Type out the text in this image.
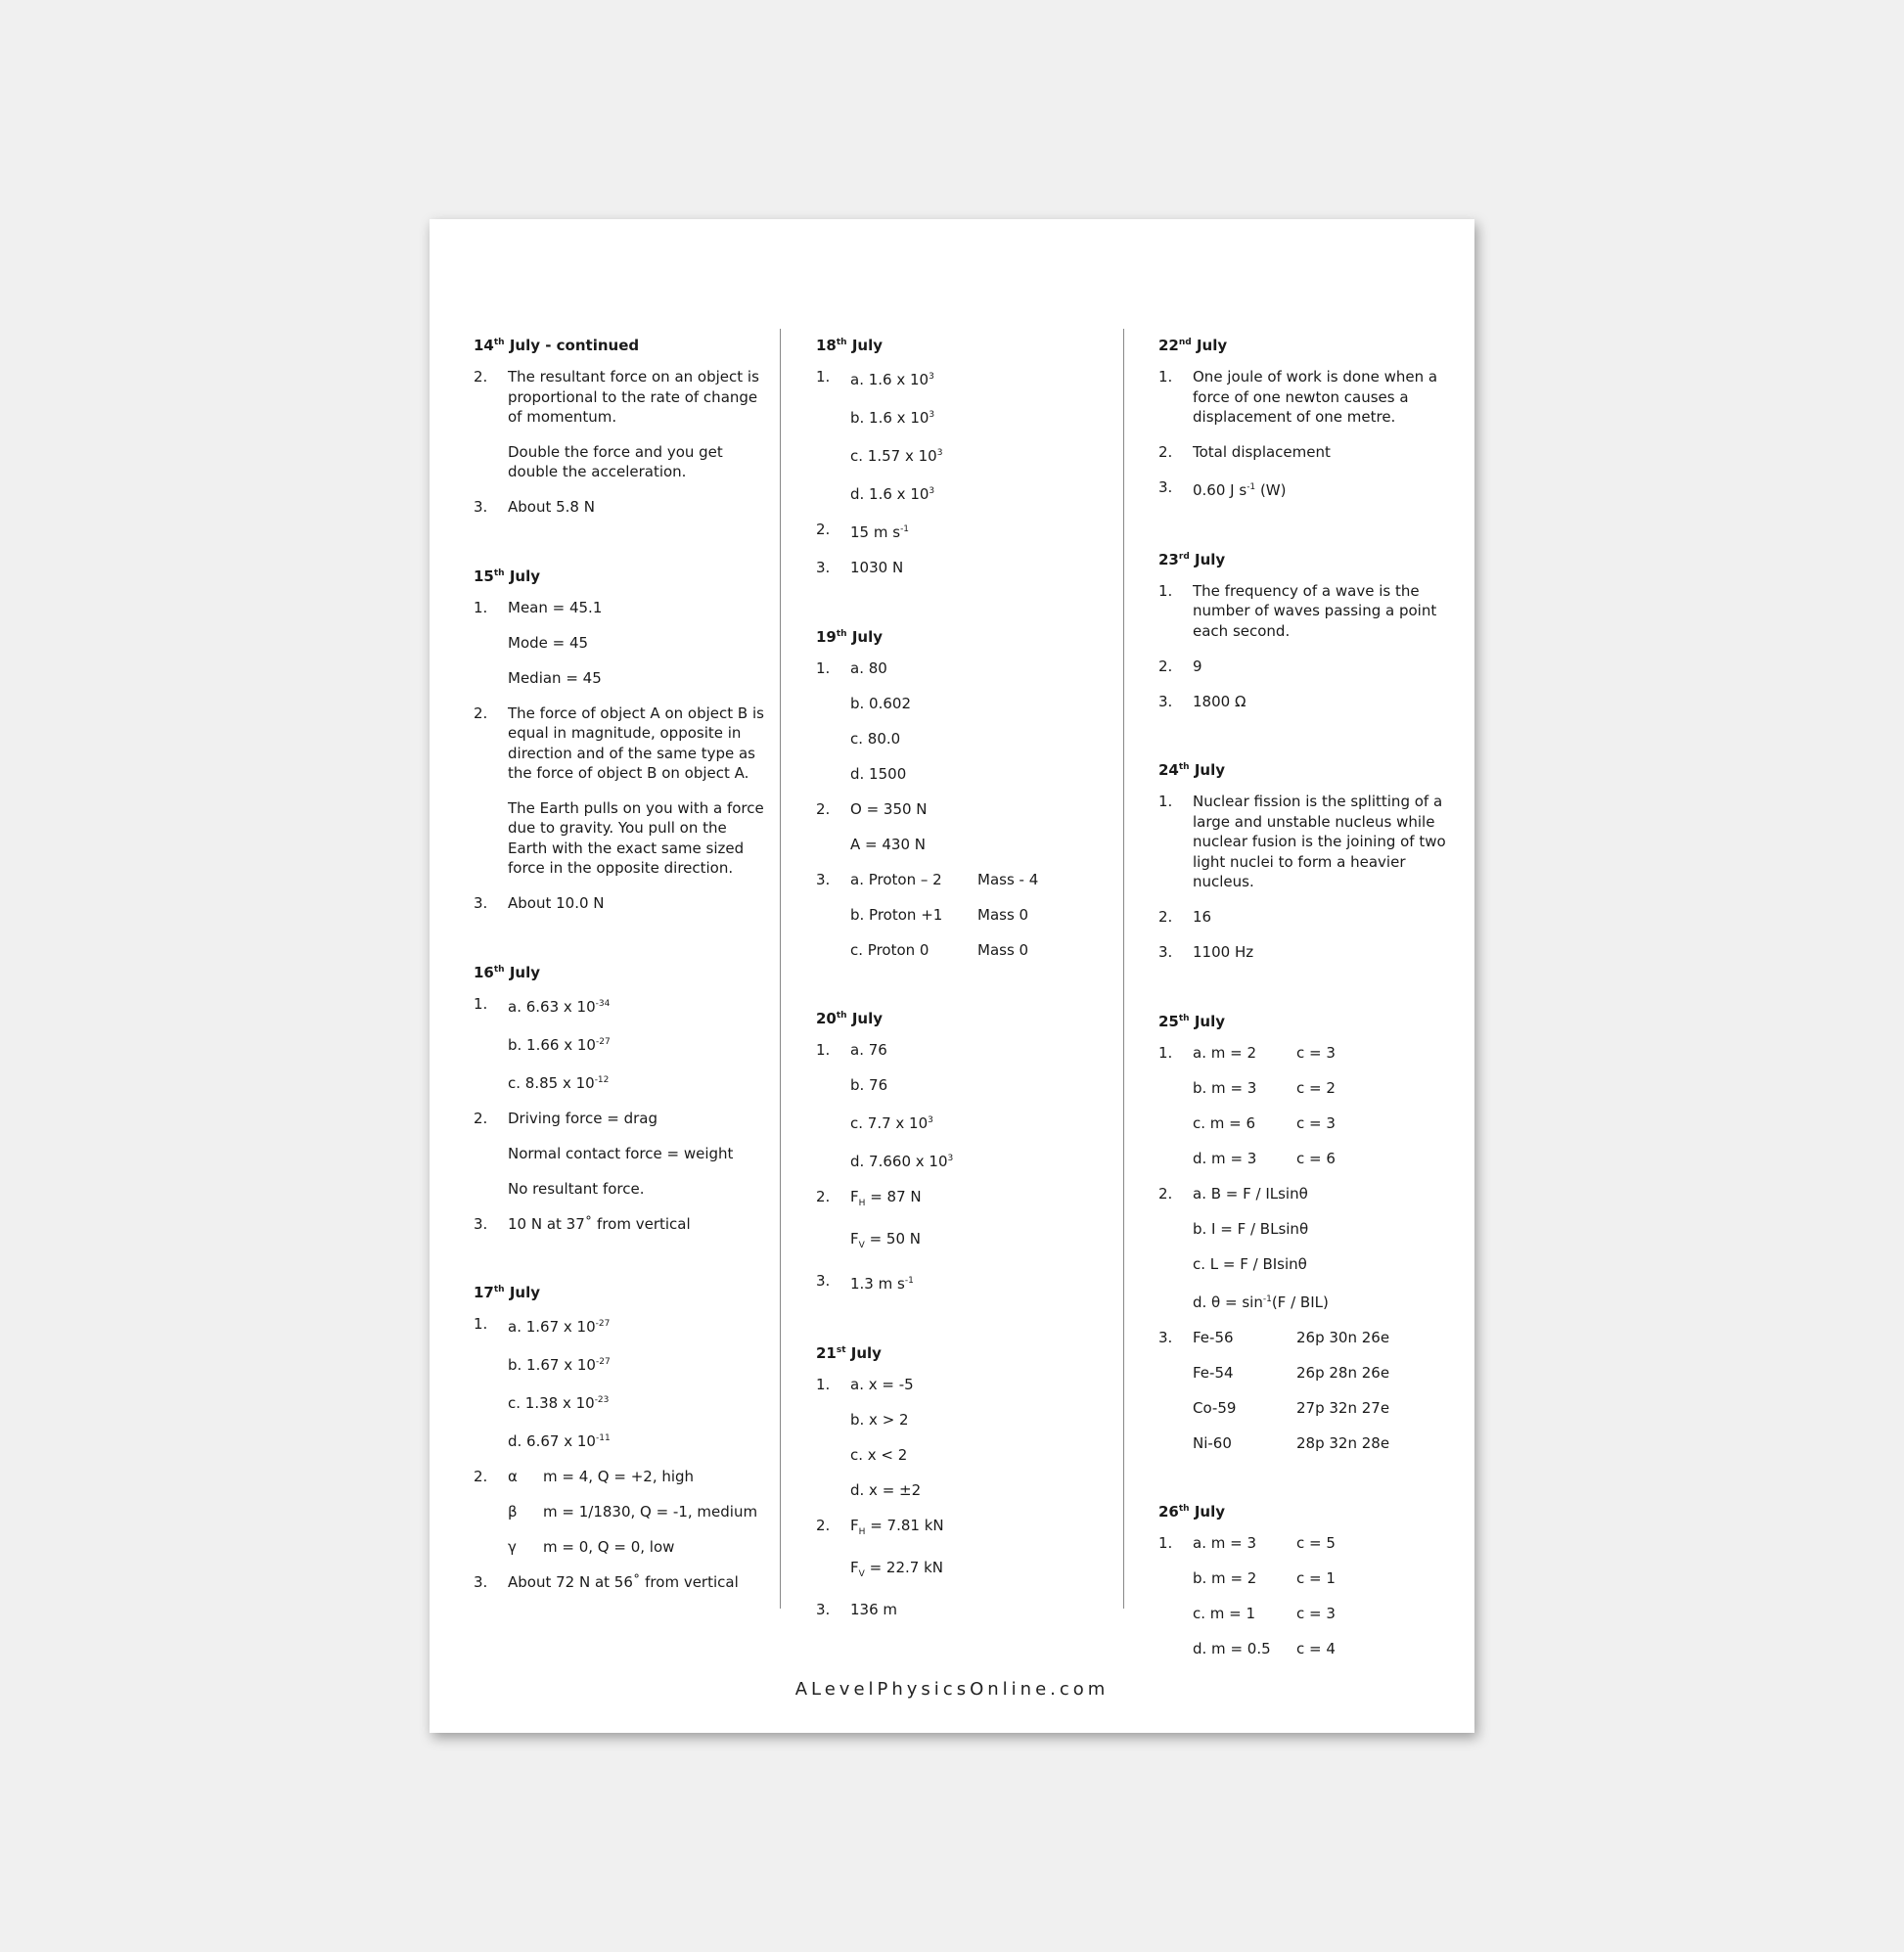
14th July - continued
2.	The resultant force on an object is proportional to the rate of change of momentum.
Double the force and you get double the acceleration.
3.	About 5.8 N
15th July
1.	Mean = 45.1
Mode = 45
Median = 45
2.	The force of object A on object B is equal in magnitude, opposite in direction and of the same type as the force of object B on object A.
The Earth pulls on you with a force due to gravity. You pull on the Earth with the exact same sized force in the opposite direction.
3.	About 10.0 N
16th July
1.	a. 6.63 x $10^{-34}$
b. 1.66 x $10^{-27}$
c. 8.85 x $10^{-12}$
2.	Driving force = drag
Normal contact force = weight
No resultant force.
3.	10 N at 37˚ from vertical
17th July
1.	a. 1.67 x $10^{-27}$
b. 1.67 x $10^{-27}$
c. 1.38 x $10^{-23}$
d. 6.67 x $10^{-11}$
2.	α m = 4, Q = +2, high
β m = 1/1830, Q = -1, medium
γ m = 0, Q = 0, low
3.	About 72 N at 56˚ from vertical
18th July
1.	a. 1.6 x $10^3$
b. 1.6 x $10^3$
c. 1.57 x $10^3$
d. 1.6 x $10^3$
2.	15 m $s^{-1}$
3.	1030 N
19th July
1.	a. 80
b. 0.602
c. 80.0
d. 1500
2.	O = 350 N
A = 430 N
3.	a. Proton – 2 Mass - 4
b. Proton +1 Mass 0
c. Proton 0	Mass 0
20th July
1.	a. 76
b. 76
c. 7.7 x $10^3$
d. 7.660 x $10^3$
2.	$F_H = 87$ N
$F_V = 50$ N
3.	1.3 m $s^{-1}$
21st July
1.	a. x = -5
b. x > 2
c. x < 2
d. x = ±2
2.	$F_H = 7.81$ kN
$F_V = 22.7$ kN
3.	136 m
22nd July
1.	One joule of work is done when a force of one newton causes a displacement of one metre.
2.	Total displacement
3.	0.60 J $s^{-1}$ (W)
23rd July
1.	The frequency of a wave is the number of waves passing a point each second.
2.	9
3.	1800 Ω
24th July
1.	Nuclear fission is the splitting of a large and unstable nucleus while nuclear fusion is the joining of two light nuclei to form a heavier nucleus.
2.	16
3.	1100 Hz
25th July
1.	a. m = 2	c = 3
b. m = 3	c = 2
c. m = 6	c = 3
d. m = 3	c = 6
2.	a. B = F / ILsinθ
b. I = F / BLsinθ
c. L = F / BIsinθ
d. $\theta = \sin^{-1}(F / BIL)$
3.	Fe-56	26p 30n 26e
Fe-54	26p 28n 26e
Co-59	27p 32n 27e
Ni-60	28p 32n 28e
26th July
1.	a. m = 3	c = 5
b. m = 2	c = 1
c. m = 1	c = 3
d. m = 0.5 c = 4
ALevelPhysicsOnline.com
